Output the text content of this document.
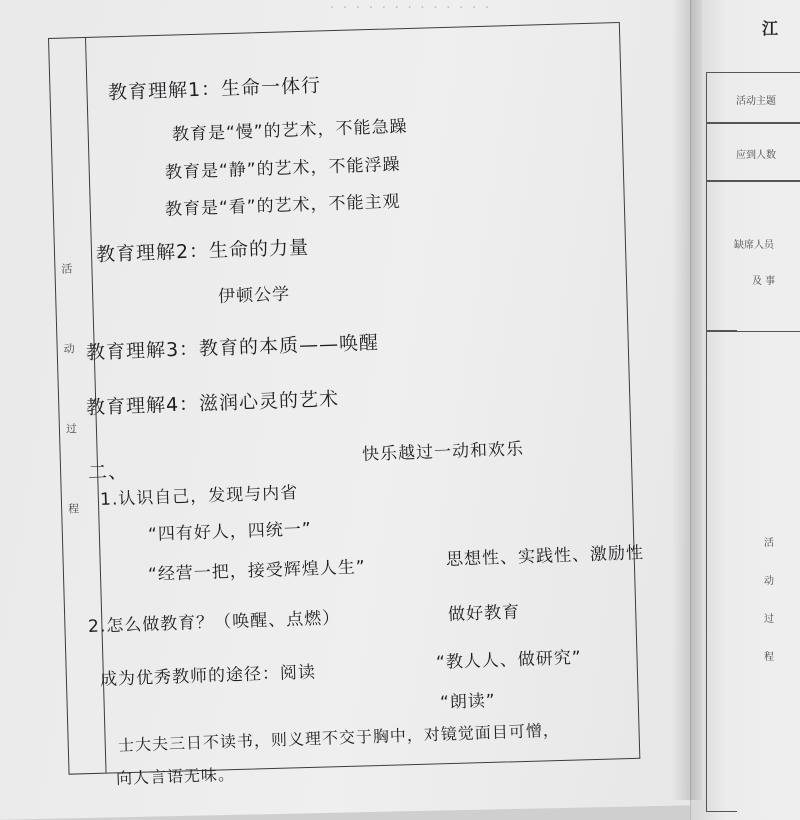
· · · · · · · · · · · · ·
活
动
过
程
教育理解1：生命一体行
教育是“慢”的艺术，不能急躁
教育是“静”的艺术，不能浮躁
教育是“看”的艺术，不能主观
教育理解2：生命的力量
伊顿公学
教育理解3：教育的本质——唤醒
教育理解4：滋润心灵的艺术
快乐越过一动和欢乐
二、
1.认识自己，发现与内省
“四有好人，四统一”
“经营一把，接受辉煌人生”
思想性、实践性、激励性
2.怎么做教育？（唤醒、点燃）	做好教育
“教人人、做研究”
“朗读”
成为优秀教师的途径：阅读
士大夫三日不读书，则义理不交于胸中，对镜觉面目可憎，
向人言语无味。
江
活动主题
应到人数
缺席人员
及 事
活
动
过
程
